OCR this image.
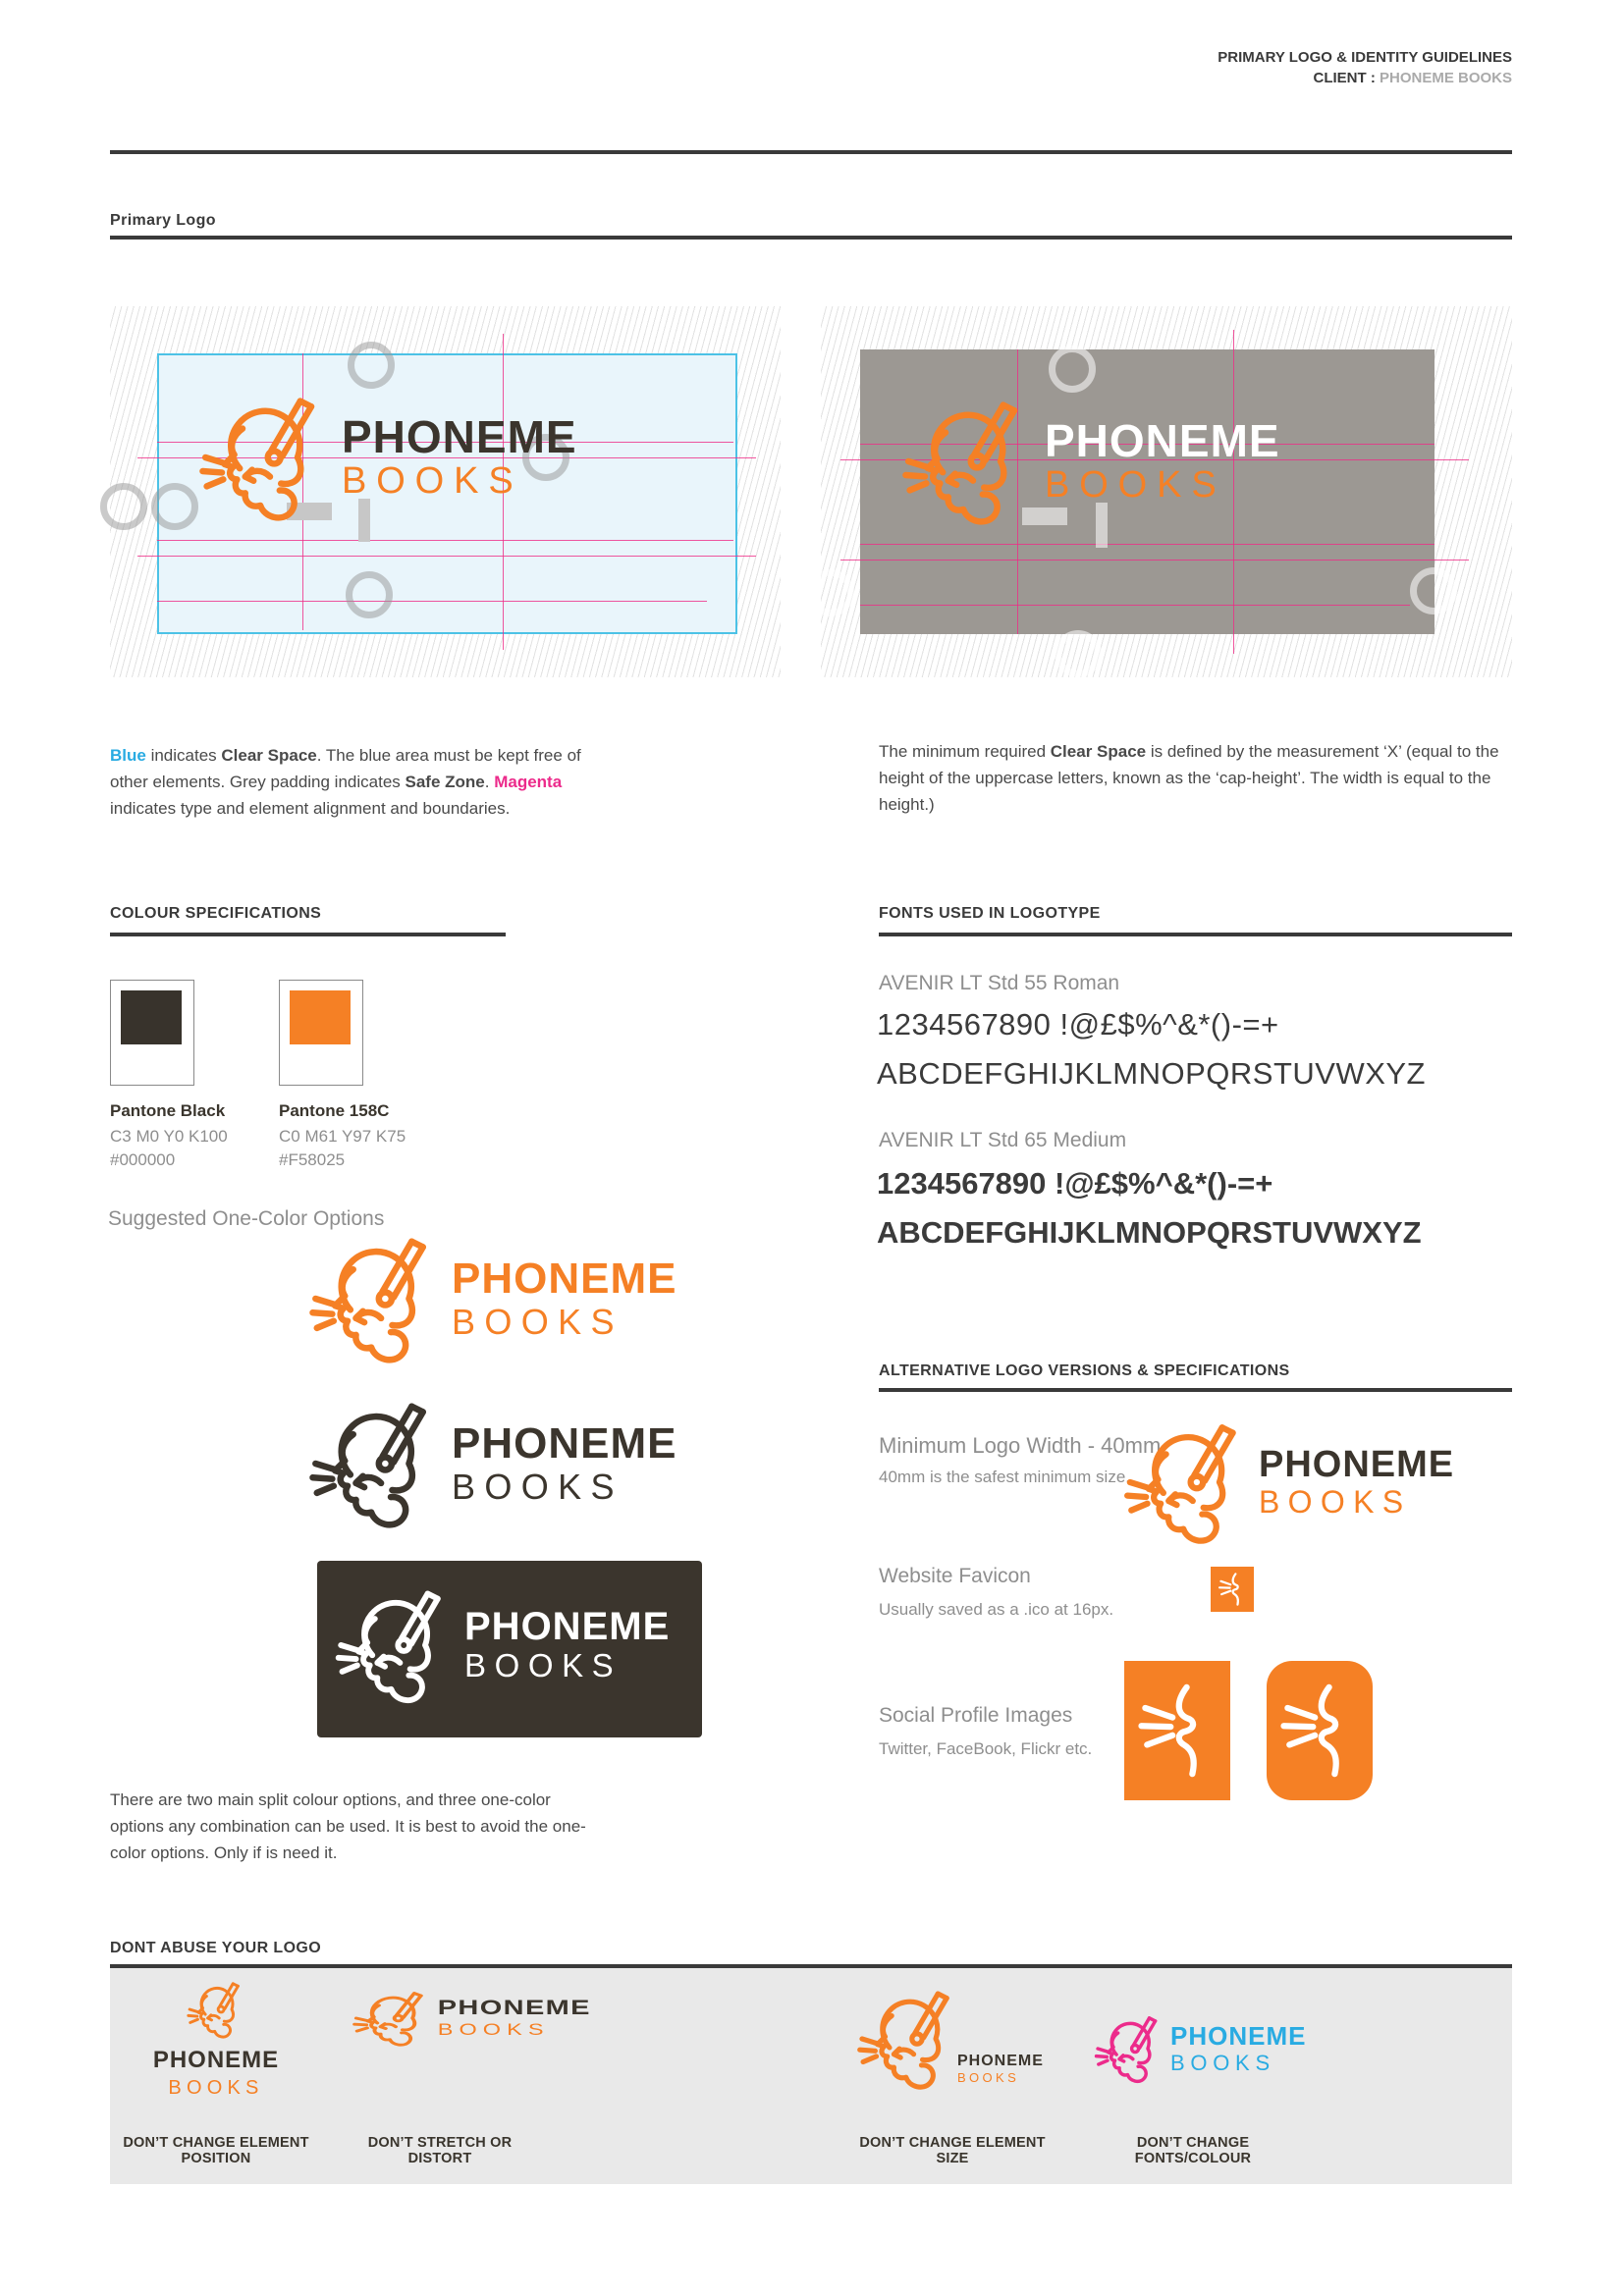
PRIMARY LOGO & IDENTITY GUIDELINES
CLIENT : PHONEME BOOKS
Primary Logo
PHONEME
BOOKS
PHONEME
BOOKS
Blue indicates Clear Space. The blue area must be kept free of other elements. Grey padding indicates Safe Zone. Magenta indicates type and element alignment and boundaries.
The minimum required Clear Space is defined by the measurement ‘X’ (equal to the height of the uppercase letters, known as the ‘cap-height’. The width is equal to the height.)
COLOUR SPECIFICATIONS
Pantone Black
C3 M0 Y0 K100
#000000
Pantone 158C
C0 M61 Y97 K75
#F58025
FONTS USED IN LOGOTYPE
AVENIR LT Std 55 Roman
1234567890 !@£$%^&*()-=+
ABCDEFGHIJKLMNOPQRSTUVWXYZ
AVENIR LT Std 65 Medium
1234567890 !@£$%^&*()-=+
ABCDEFGHIJKLMNOPQRSTUVWXYZ
Suggested One-Color Options
PHONEME
BOOKS
PHONEME
BOOKS
PHONEME
BOOKS
There are two main split colour options, and three one-color options any combination can be used. It is best to avoid the one-color options. Only if is need it.
ALTERNATIVE LOGO VERSIONS & SPECIFICATIONS
Minimum Logo Width - 40mm
40mm is the safest minimum size.	PHONEME
BOOKS
Website Favicon
Usually saved as a .ico at 16px.
Social Profile Images
Twitter, FaceBook, Flickr etc.
DONT ABUSE YOUR LOGO
PHONEME
BOOKS
DON’T CHANGE ELEMENT POSITION
PHONEME
BOOKS
DON’T STRETCH OR DISTORT
PHONEME
BOOKS
DON’T CHANGE ELEMENT SIZE
PHONEME
BOOKS
DON’T CHANGE FONTS/COLOUR
